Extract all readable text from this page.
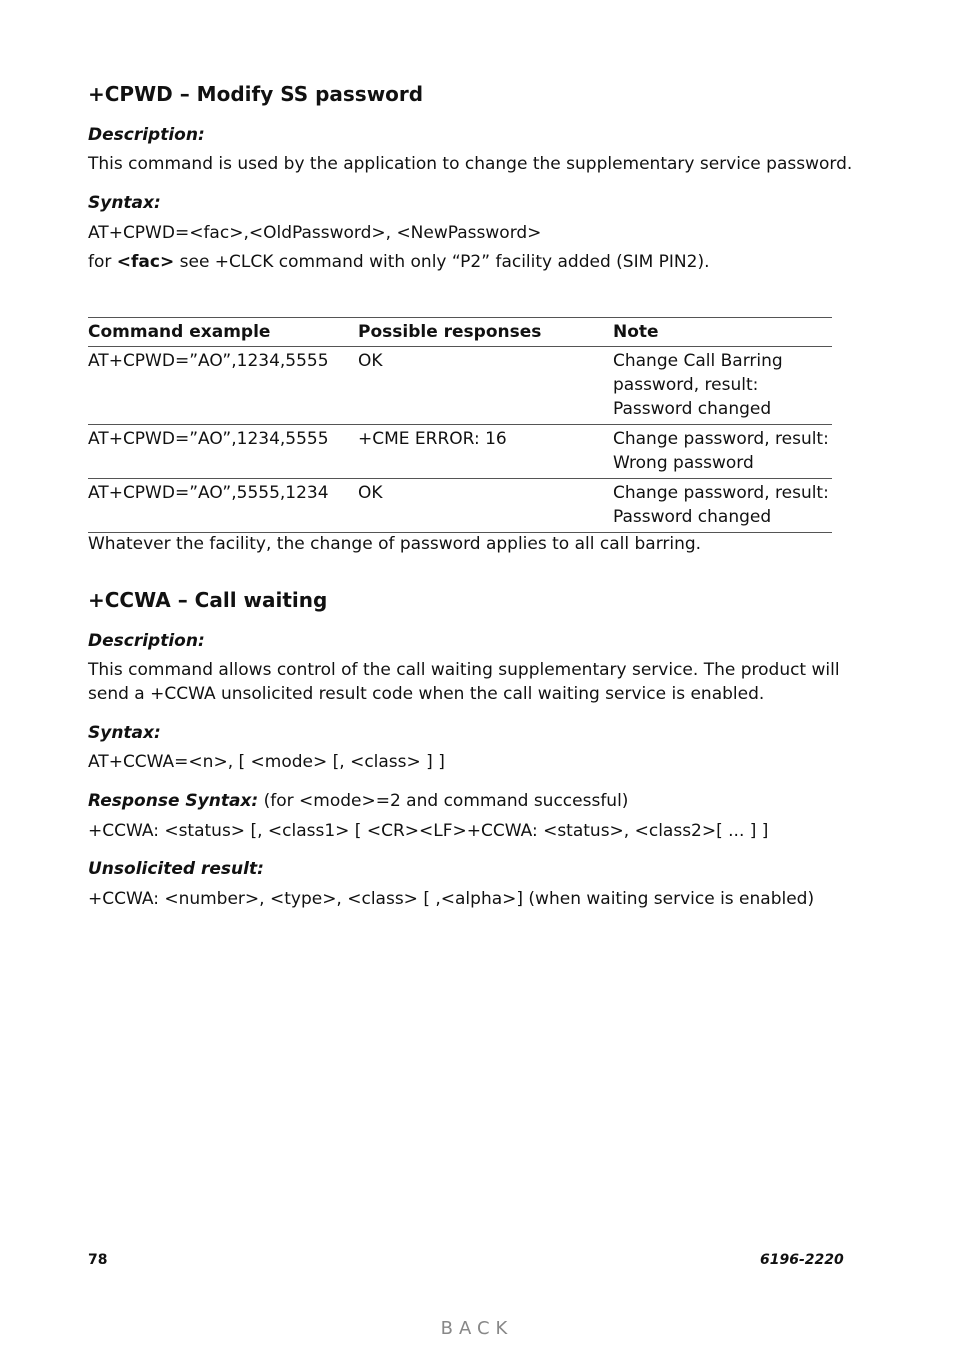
+CPWD – Modify SS password
Description:
This command is used by the application to change the supplementary service password.
Syntax:
AT+CPWD=<fac>,<OldPassword>, <NewPassword>
for <fac> see +CLCK command with only “P2” facility added (SIM PIN2).
Command example	Possible responses	Note
AT+CPWD=”AO”,1234,5555	OK	Change Call Barring
password, result:
Password changed

AT+CPWD=”AO”,1234,5555	+CME ERROR: 16	Change password, result:
Wrong password

AT+CPWD=”AO”,5555,1234	OK	Change password, result:
Password changed
Whatever the facility, the change of password applies to all call barring.
+CCWA – Call waiting
Description:
This command allows control of the call waiting supplementary service. The product will
send a +CCWA unsolicited result code when the call waiting service is enabled.
Syntax:
AT+CCWA=<n>, [ <mode> [, <class> ] ]
Response Syntax: (for <mode>=2 and command successful)
+CCWA: <status> [, <class1> [ <CR><LF>+CCWA: <status>, <class2>[ ... ] ]
Unsolicited result:
+CCWA: <number>, <type>, <class> [ ,<alpha>] (when waiting service is enabled)
78	6196-2220
BACK
